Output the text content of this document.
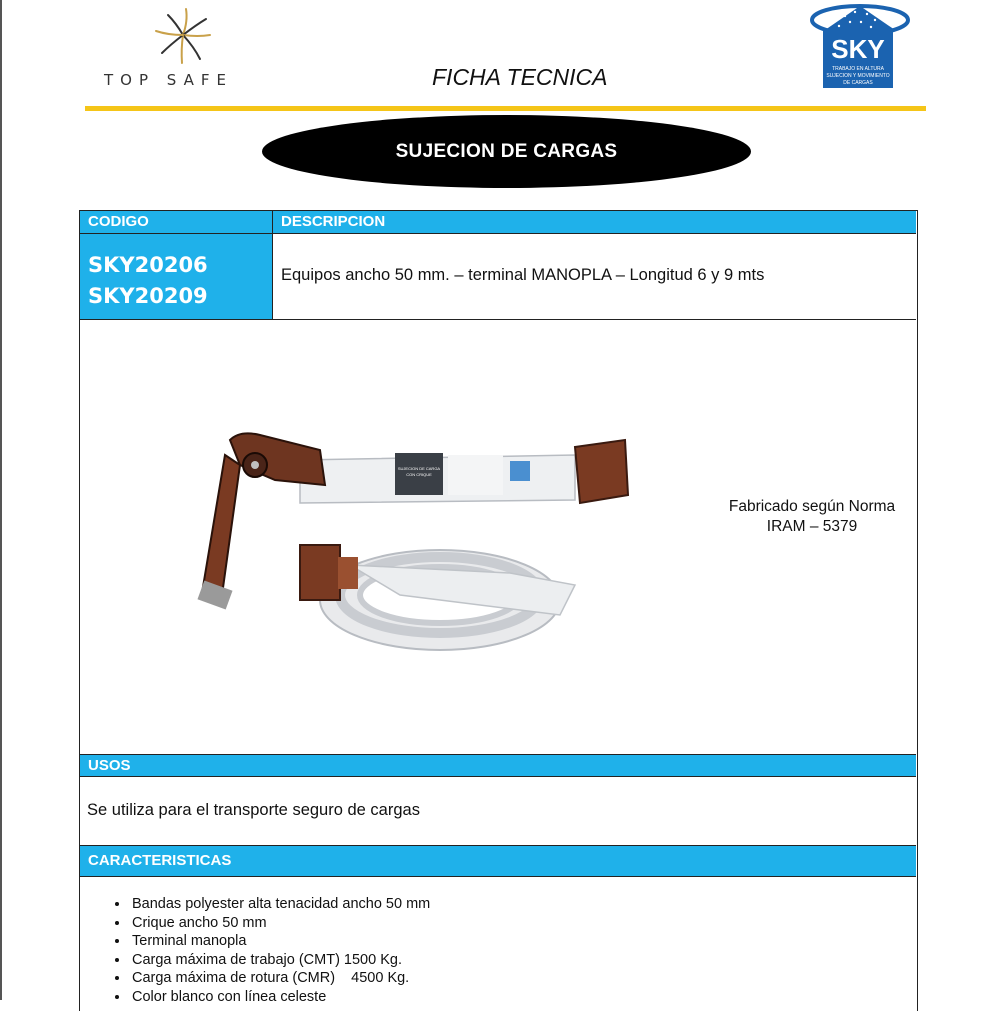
TOP SAFE	FICHA TECNICA
SKY
TRABAJO EN ALTURA
SUJECION Y MOVIMIENTO
DE CARGAS
SUJECION DE CARGAS
CODIGO	DESCRIPCION
SKY20206
SKY20209
Equipos ancho 50 mm. – terminal MANOPLA – Longitud 6 y 9 mts
SUJECION DE CARGA
CON CRIQUE
Fabricado según Norma
IRAM – 5379
USOS
Se utiliza para el transporte seguro de cargas
CARACTERISTICAS
• Bandas polyester alta tenacidad ancho 50 mm
• Crique ancho 50 mm
• Terminal manopla
• Carga máxima de trabajo (CMT) 1500 Kg.
• Carga máxima de rotura (CMR)    4500 Kg.
• Color blanco con línea celeste
